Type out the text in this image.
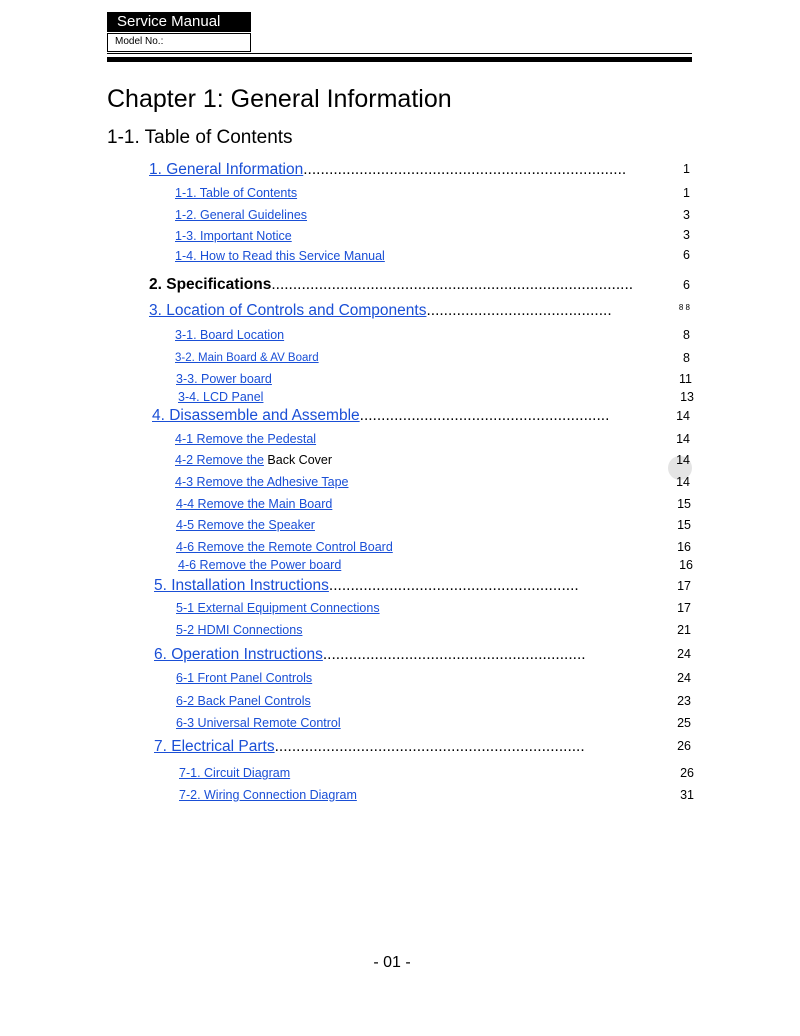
Service Manual
Model No.:
Chapter 1: General Information
1-1. Table of Contents
1. General Information...........................................................................	1
1-1. Table of Contents	1
1-2. General Guidelines	3
1-3. Important Notice	3
1-4. How to Read this Service Manual	6
2. Specifications....................................................................................	6
3. Location of Controls and Components...........................................	8 8
3-1. Board Location	8
3-2. Main Board & AV Board	8
3-3. Power board	11
3-4. LCD Panel	13
4. Disassemble and Assemble..........................................................	14
4-1 Remove the Pedestal	14
4-2 Remove the Back Cover	14
4-3 Remove the Adhesive Tape	14
4-4 Remove the Main Board	15
4-5 Remove the Speaker	15
4-6 Remove the Remote Control Board	16
4-6 Remove the Power board	16
5. Installation Instructions..........................................................	17
5-1 External Equipment Connections	17
5-2 HDMI Connections	21
6. Operation Instructions.............................................................	24
6-1 Front Panel Controls	24
6-2 Back Panel Controls	23
6-3 Universal Remote Control	25
7. Electrical Parts........................................................................	26
7-1. Circuit Diagram	26
7-2. Wiring Connection Diagram	31
- 01 -
